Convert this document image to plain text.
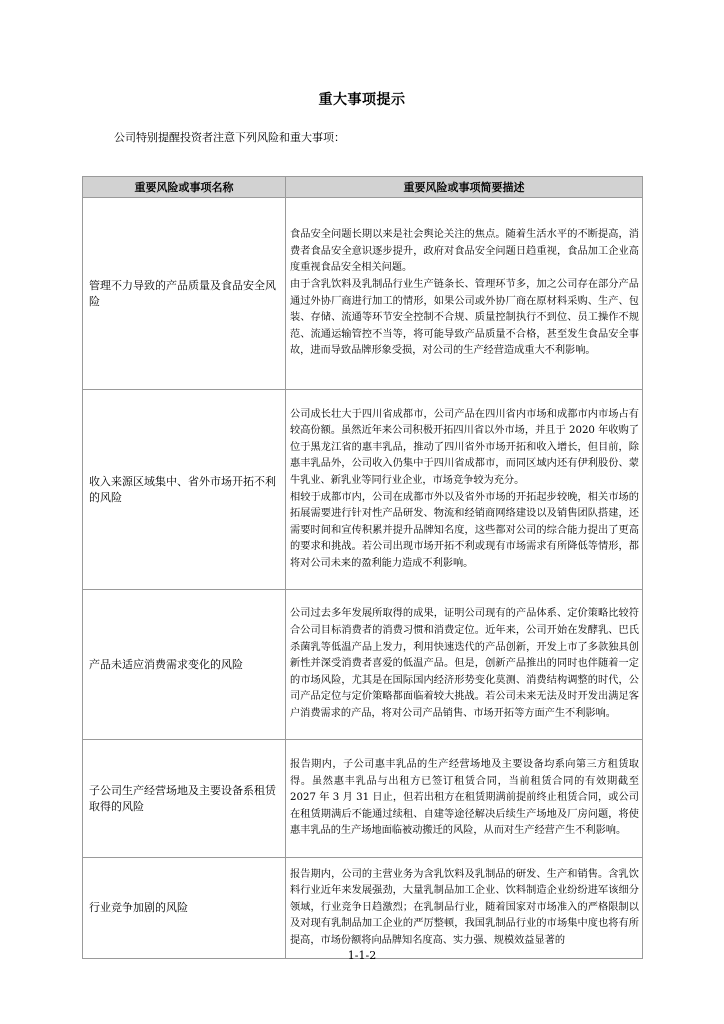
重大事项提示
公司特别提醒投资者注意下列风险和重大事项：
重要风险或事项名称	重要风险或事项简要描述
管理不力导致的产品质量及食品安全风险	食品安全问题长期以来是社会舆论关注的焦点。随着生活水平的不断提高，消费者食品安全意识逐步提升，政府对食品安全问题日趋重视，食品加工企业高度重视食品安全相关问题。

由于含乳饮料及乳制品行业生产链条长、管理环节多，加之公司存在部分产品通过外协厂商进行加工的情形，如果公司或外协厂商在原材料采购、生产、包装、存储、流通等环节安全控制不合规、质量控制执行不到位、员工操作不规范、流通运输管控不当等，将可能导致产品质量不合格，甚至发生食品安全事故，进而导致品牌形象受损，对公司的生产经营造成重大不利影响。

收入来源区域集中、省外市场开拓不利的风险	公司成长壮大于四川省成都市，公司产品在四川省内市场和成都市内市场占有较高份额。虽然近年来公司积极开拓四川省以外市场，并且于 2020 年收购了位于黑龙江省的惠丰乳品，推动了四川省外市场开拓和收入增长，但目前，除惠丰乳品外，公司收入仍集中于四川省成都市，而同区域内还有伊利股份、蒙牛乳业、新乳业等同行业企业，市场竞争较为充分。

相较于成都市内，公司在成都市外以及省外市场的开拓起步较晚，相关市场的拓展需要进行针对性产品研发、物流和经销商网络建设以及销售团队搭建，还需要时间和宣传积累并提升品牌知名度，这些都对公司的综合能力提出了更高的要求和挑战。若公司出现市场开拓不利或现有市场需求有所降低等情形，都将对公司未来的盈利能力造成不利影响。

产品未适应消费需求变化的风险	公司过去多年发展所取得的成果，证明公司现有的产品体系、定价策略比较符合公司目标消费者的消费习惯和消费定位。近年来，公司开始在发酵乳、巴氏杀菌乳等低温产品上发力，利用快速迭代的产品创新，开发上市了多款独具创新性并深受消费者喜爱的低温产品。但是，创新产品推出的同时也伴随着一定的市场风险，尤其是在国际国内经济形势变化莫测、消费结构调整的时代，公司产品定位与定价策略都面临着较大挑战。若公司未来无法及时开发出满足客户消费需求的产品，将对公司产品销售、市场开拓等方面产生不利影响。

子公司生产经营场地及主要设备系租赁取得的风险	报告期内，子公司惠丰乳品的生产经营场地及主要设备均系向第三方租赁取得。虽然惠丰乳品与出租方已签订租赁合同，当前租赁合同的有效期截至 2027 年 3 月 31 日止，但若出租方在租赁期满前提前终止租赁合同，或公司在租赁期满后不能通过续租、自建等途径解决后续生产场地及厂房问题，将使惠丰乳品的生产场地面临被动搬迁的风险，从而对生产经营产生不利影响。

行业竞争加剧的风险	报告期内，公司的主营业务为含乳饮料及乳制品的研发、生产和销售。含乳饮料行业近年来发展强劲，大量乳制品加工企业、饮料制造企业纷纷进军该细分领域，行业竞争日趋激烈；在乳制品行业，随着国家对市场准入的严格限制以及对现有乳制品加工企业的严厉整顿，我国乳制品行业的市场集中度也将有所提高，市场份额将向品牌知名度高、实力强、规模效益显著的

1-1-2
